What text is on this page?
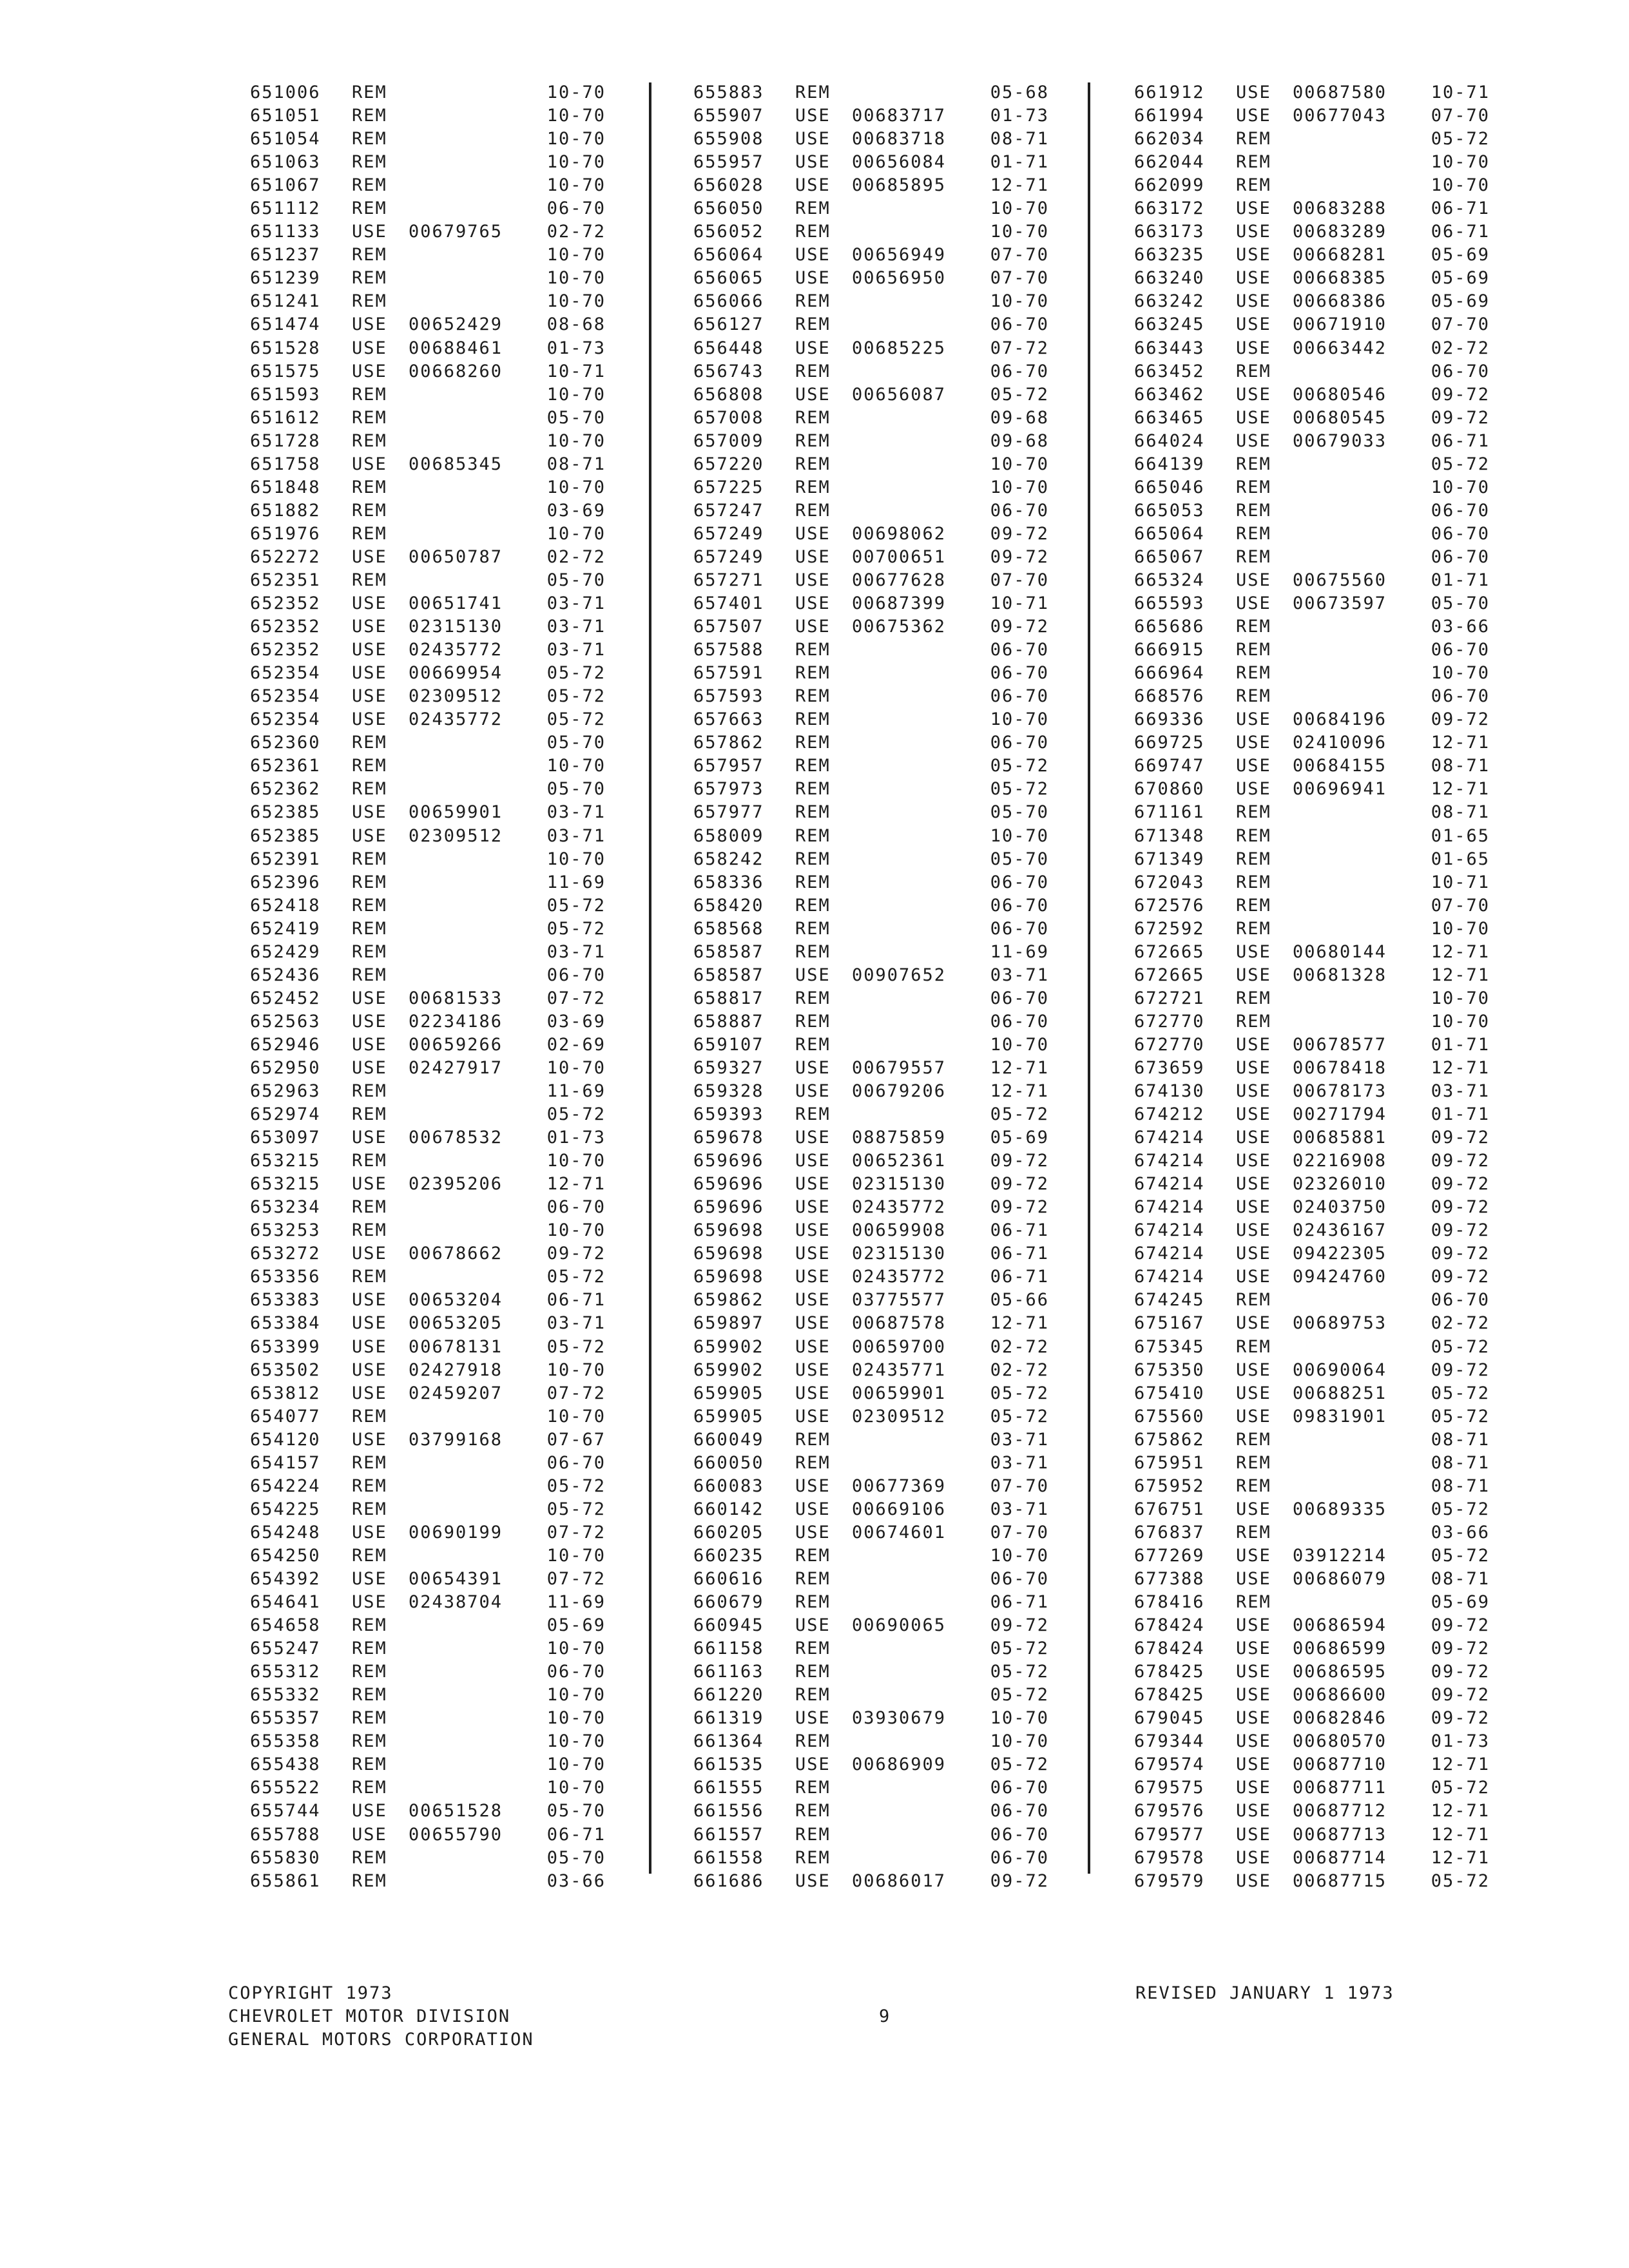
651006 REM	10-70
651051 REM	10-70
651054 REM	10-70
651063 REM	10-70
651067 REM	10-70
651112 REM	06-70
651133 USE 00679765	02-72
651237 REM	10-70
651239 REM	10-70
651241 REM	10-70
651474 USE 00652429	08-68
651528 USE 00688461	01-73
651575 USE 00668260	10-71
651593 REM	10-70
651612 REM	05-70
651728 REM	10-70
651758 USE 00685345	08-71
651848 REM	10-70
651882 REM	03-69
651976 REM	10-70
652272 USE 00650787	02-72
652351 REM	05-70
652352 USE 00651741	03-71
652352 USE 02315130	03-71
652352 USE 02435772	03-71
652354 USE 00669954	05-72
652354 USE 02309512	05-72
652354 USE 02435772	05-72
652360 REM	05-70
652361 REM	10-70
652362 REM	05-70
652385 USE 00659901	03-71
652385 USE 02309512	03-71
652391 REM	10-70
652396 REM	11-69
652418 REM	05-72
652419 REM	05-72
652429 REM	03-71
652436 REM	06-70
652452 USE 00681533	07-72
652563 USE 02234186	03-69
652946 USE 00659266	02-69
652950 USE 02427917	10-70
652963 REM	11-69
652974 REM	05-72
653097 USE 00678532	01-73
653215 REM	10-70
653215 USE 02395206	12-71
653234 REM	06-70
653253 REM	10-70
653272 USE 00678662	09-72
653356 REM	05-72
653383 USE 00653204	06-71
653384 USE 00653205	03-71
653399 USE 00678131	05-72
653502 USE 02427918	10-70
653812 USE 02459207	07-72
654077 REM	10-70
654120 USE 03799168	07-67
654157 REM	06-70
654224 REM	05-72
654225 REM	05-72
654248 USE 00690199	07-72
654250 REM	10-70
654392 USE 00654391	07-72
654641 USE 02438704	11-69
654658 REM	05-69
655247 REM	10-70
655312 REM	06-70
655332 REM	10-70
655357 REM	10-70
655358 REM	10-70
655438 REM	10-70
655522 REM	10-70
655744 USE 00651528	05-70
655788 USE 00655790	06-71
655830 REM	05-70
655861 REM	03-66
655883 REM	05-68
655907 USE 00683717	01-73
655908 USE 00683718	08-71
655957 USE 00656084	01-71
656028 USE 00685895	12-71
656050 REM	10-70
656052 REM	10-70
656064 USE 00656949	07-70
656065 USE 00656950	07-70
656066 REM	10-70
656127 REM	06-70
656448 USE 00685225	07-72
656743 REM	06-70
656808 USE 00656087	05-72
657008 REM	09-68
657009 REM	09-68
657220 REM	10-70
657225 REM	10-70
657247 REM	06-70
657249 USE 00698062	09-72
657249 USE 00700651	09-72
657271 USE 00677628	07-70
657401 USE 00687399	10-71
657507 USE 00675362	09-72
657588 REM	06-70
657591 REM	06-70
657593 REM	06-70
657663 REM	10-70
657862 REM	06-70
657957 REM	05-72
657973 REM	05-72
657977 REM	05-70
658009 REM	10-70
658242 REM	05-70
658336 REM	06-70
658420 REM	06-70
658568 REM	06-70
658587 REM	11-69
658587 USE 00907652	03-71
658817 REM	06-70
658887 REM	06-70
659107 REM	10-70
659327 USE 00679557	12-71
659328 USE 00679206	12-71
659393 REM	05-72
659678 USE 08875859	05-69
659696 USE 00652361	09-72
659696 USE 02315130	09-72
659696 USE 02435772	09-72
659698 USE 00659908	06-71
659698 USE 02315130	06-71
659698 USE 02435772	06-71
659862 USE 03775577	05-66
659897 USE 00687578	12-71
659902 USE 00659700	02-72
659902 USE 02435771	02-72
659905 USE 00659901	05-72
659905 USE 02309512	05-72
660049 REM	03-71
660050 REM	03-71
660083 USE 00677369	07-70
660142 USE 00669106	03-71
660205 USE 00674601	07-70
660235 REM	10-70
660616 REM	06-70
660679 REM	06-71
660945 USE 00690065	09-72
661158 REM	05-72
661163 REM	05-72
661220 REM	05-72
661319 USE 03930679	10-70
661364 REM	10-70
661535 USE 00686909	05-72
661555 REM	06-70
661556 REM	06-70
661557 REM	06-70
661558 REM	06-70
661686 USE 00686017	09-72
661912 USE 00687580	10-71
661994 USE 00677043	07-70
662034 REM	05-72
662044 REM	10-70
662099 REM	10-70
663172 USE 00683288	06-71
663173 USE 00683289	06-71
663235 USE 00668281	05-69
663240 USE 00668385	05-69
663242 USE 00668386	05-69
663245 USE 00671910	07-70
663443 USE 00663442	02-72
663452 REM	06-70
663462 USE 00680546	09-72
663465 USE 00680545	09-72
664024 USE 00679033	06-71
664139 REM	05-72
665046 REM	10-70
665053 REM	06-70
665064 REM	06-70
665067 REM	06-70
665324 USE 00675560	01-71
665593 USE 00673597	05-70
665686 REM	03-66
666915 REM	06-70
666964 REM	10-70
668576 REM	06-70
669336 USE 00684196	09-72
669725 USE 02410096	12-71
669747 USE 00684155	08-71
670860 USE 00696941	12-71
671161 REM	08-71
671348 REM	01-65
671349 REM	01-65
672043 REM	10-71
672576 REM	07-70
672592 REM	10-70
672665 USE 00680144	12-71
672665 USE 00681328	12-71
672721 REM	10-70
672770 REM	10-70
672770 USE 00678577	01-71
673659 USE 00678418	12-71
674130 USE 00678173	03-71
674212 USE 00271794	01-71
674214 USE 00685881	09-72
674214 USE 02216908	09-72
674214 USE 02326010	09-72
674214 USE 02403750	09-72
674214 USE 02436167	09-72
674214 USE 09422305	09-72
674214 USE 09424760	09-72
674245 REM	06-70
675167 USE 00689753	02-72
675345 REM	05-72
675350 USE 00690064	09-72
675410 USE 00688251	05-72
675560 USE 09831901	05-72
675862 REM	08-71
675951 REM	08-71
675952 REM	08-71
676751 USE 00689335	05-72
676837 REM	03-66
677269 USE 03912214	05-72
677388 USE 00686079	08-71
678416 REM	05-69
678424 USE 00686594	09-72
678424 USE 00686599	09-72
678425 USE 00686595	09-72
678425 USE 00686600	09-72
679045 USE 00682846	09-72
679344 USE 00680570	01-73
679574 USE 00687710	12-71
679575 USE 00687711	05-72
679576 USE 00687712	12-71
679577 USE 00687713	12-71
679578 USE 00687714	12-71
679579 USE 00687715	05-72
COPYRIGHT 1973
CHEVROLET MOTOR DIVISION
GENERAL MOTORS CORPORATION
9
REVISED JANUARY 1 1973
